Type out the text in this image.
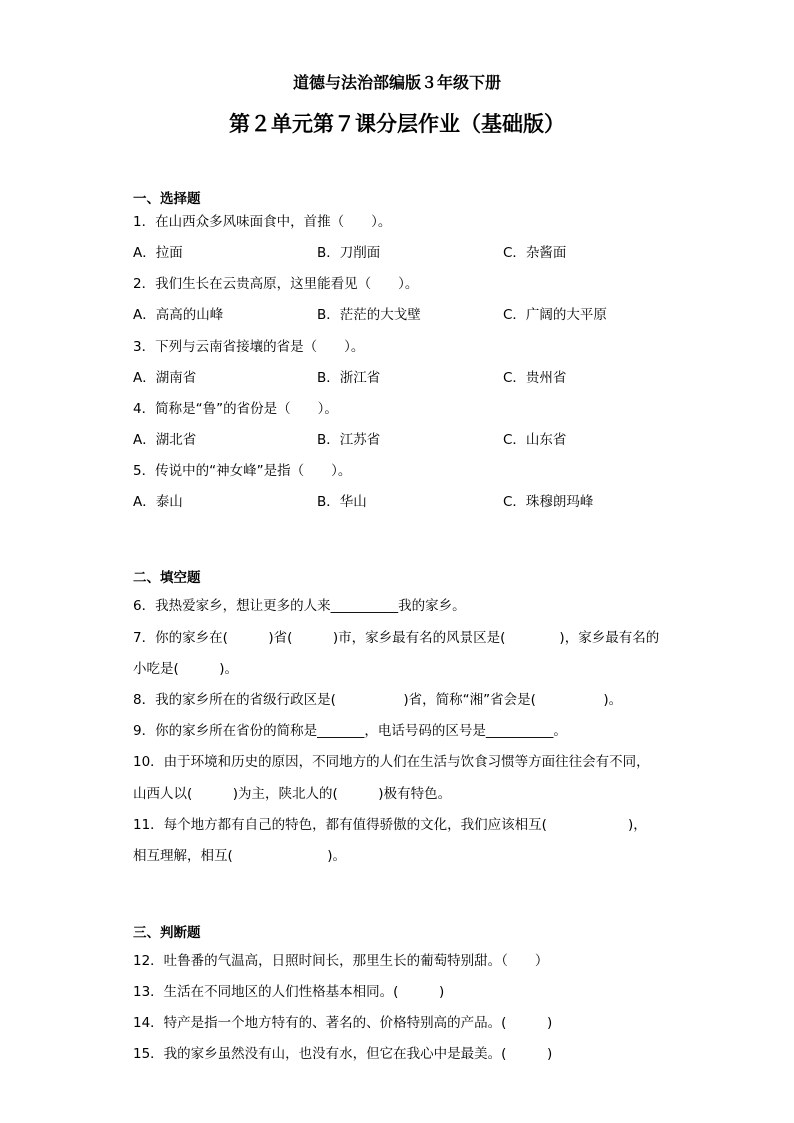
道德与法治部编版３年级下册
第２单元第７课分层作业（基础版）
一、选择题
1．在山西众多风味面食中，首推（　　）。
A．拉面	B．刀削面	C．杂酱面
2．我们生长在云贵高原，这里能看见（　　）。
A．高高的山峰	B．茫茫的大戈壁	C．广阔的大平原
3．下列与云南省接壤的省是（　　）。
A．湖南省	B．浙江省	C．贵州省
4．简称是“鲁”的省份是（　　）。
A．湖北省	B．江苏省	C．山东省
5．传说中的“神女峰”是指（　　）。
A．泰山	B．华山	C．珠穆朗玛峰
二、填空题
6．我热爱家乡，想让更多的人来__________我的家乡。
7．你的家乡在(　　　)省(　　　)市，家乡最有名的风景区是(　　　　)，家乡最有名的
小吃是(　　　)。
8．我的家乡所在的省级行政区是(　　　　　)省，简称“湘”省会是(　　　　　)。
9．你的家乡所在省份的简称是_______，电话号码的区号是__________。
10．由于环境和历史的原因，不同地方的人们在生活与饮食习惯等方面往往会有不同，
山西人以(　　　)为主，陕北人的(　　　)极有特色。
11．每个地方都有自己的特色，都有值得骄傲的文化，我们应该相互(　　　　　　)，
相互理解，相互(　　　　　　　)。
三、判断题
12．吐鲁番的气温高，日照时间长，那里生长的葡萄特别甜。（　　）
13．生活在不同地区的人们性格基本相同。(　　　)
14．特产是指一个地方特有的、著名的、价格特别高的产品。(　　　)
15．我的家乡虽然没有山，也没有水，但它在我心中是最美。(　　　)
